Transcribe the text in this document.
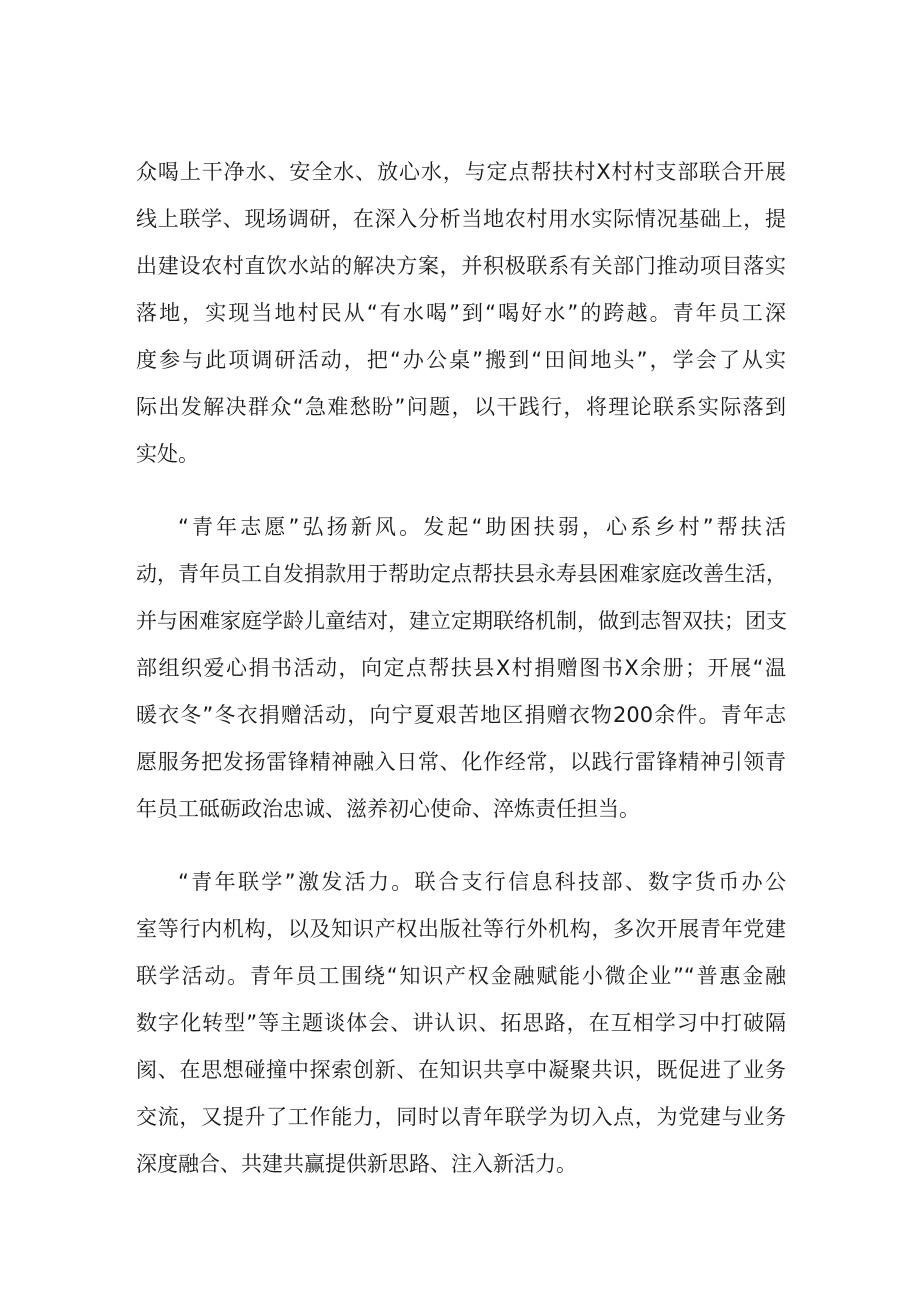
众喝上干净水、安全水、放心水，与定点帮扶村X村村支部联合开展
线上联学、现场调研，在深入分析当地农村用水实际情况基础上，提
出建设农村直饮水站的解决方案，并积极联系有关部门推动项目落实
落地，实现当地村民从“有水喝”到“喝好水”的跨越。青年员工深
度参与此项调研活动，把“办公桌”搬到“田间地头”，学会了从实
际出发解决群众“急难愁盼”问题，以干践行，将理论联系实际落到
实处。
“青年志愿”弘扬新风。发起“助困扶弱，心系乡村”帮扶活
动，青年员工自发捐款用于帮助定点帮扶县永寿县困难家庭改善生活，
并与困难家庭学龄儿童结对，建立定期联络机制，做到志智双扶；团支
部组织爱心捐书活动，向定点帮扶县X村捐赠图书X余册；开展“温
暖衣冬”冬衣捐赠活动，向宁夏艰苦地区捐赠衣物200余件。青年志
愿服务把发扬雷锋精神融入日常、化作经常，以践行雷锋精神引领青
年员工砥砺政治忠诚、滋养初心使命、淬炼责任担当。
“青年联学”激发活力。联合支行信息科技部、数字货币办公
室等行内机构，以及知识产权出版社等行外机构，多次开展青年党建
联学活动。青年员工围绕“知识产权金融赋能小微企业”“普惠金融
数字化转型”等主题谈体会、讲认识、拓思路，在互相学习中打破隔
阂、在思想碰撞中探索创新、在知识共享中凝聚共识，既促进了业务
交流，又提升了工作能力，同时以青年联学为切入点，为党建与业务
深度融合、共建共赢提供新思路、注入新活力。
